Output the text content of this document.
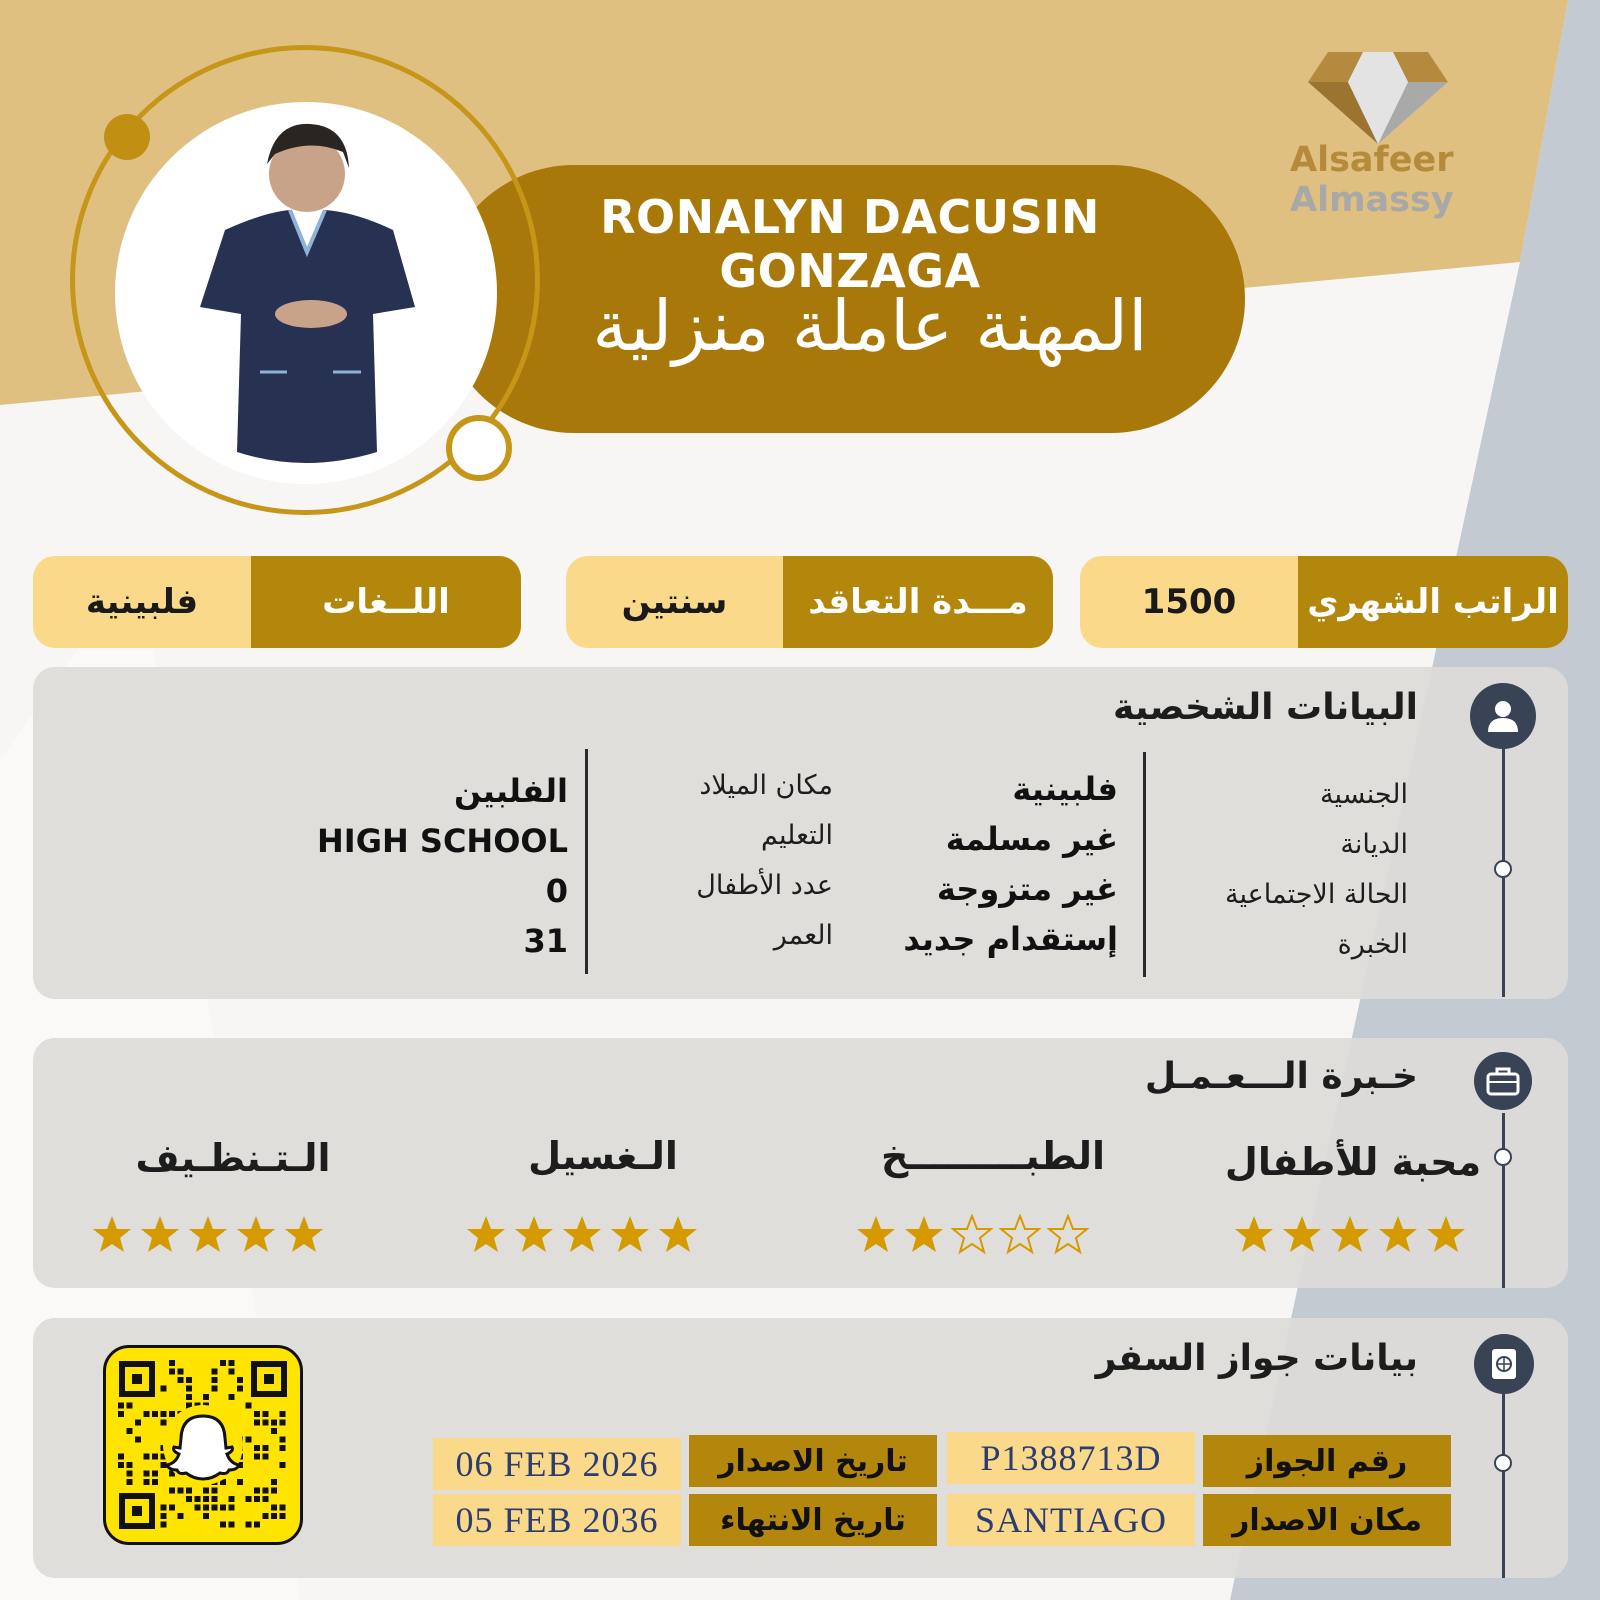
Alsafeer
Almassy
RONALYN DACUSIN GONZAGA
المهنة عاملة منزلية
الراتب الشهري
1500
مـــدة التعاقد
سنتين
اللــغات
فلبينية
البيانات الشخصية
الجنسية
الديانة
الحالة الاجتماعية
الخبرة
فلبينية
غير مسلمة
غير متزوجة
إستقدام جديد
مكان الميلاد
التعليم
عدد الأطفال
العمر
الفلبين
HIGH SCHOOL
0
31
خـبرة الـــعـمـل
محبة للأطفال
الطبـــــــــخ
الـغسيل
الـتـنظـيف
بيانات جواز السفر
رقم الجواز
P1388713D
تاريخ الاصدار
06 FEB 2026
مكان الاصدار
SANTIAGO
تاريخ الانتهاء
05 FEB 2036
